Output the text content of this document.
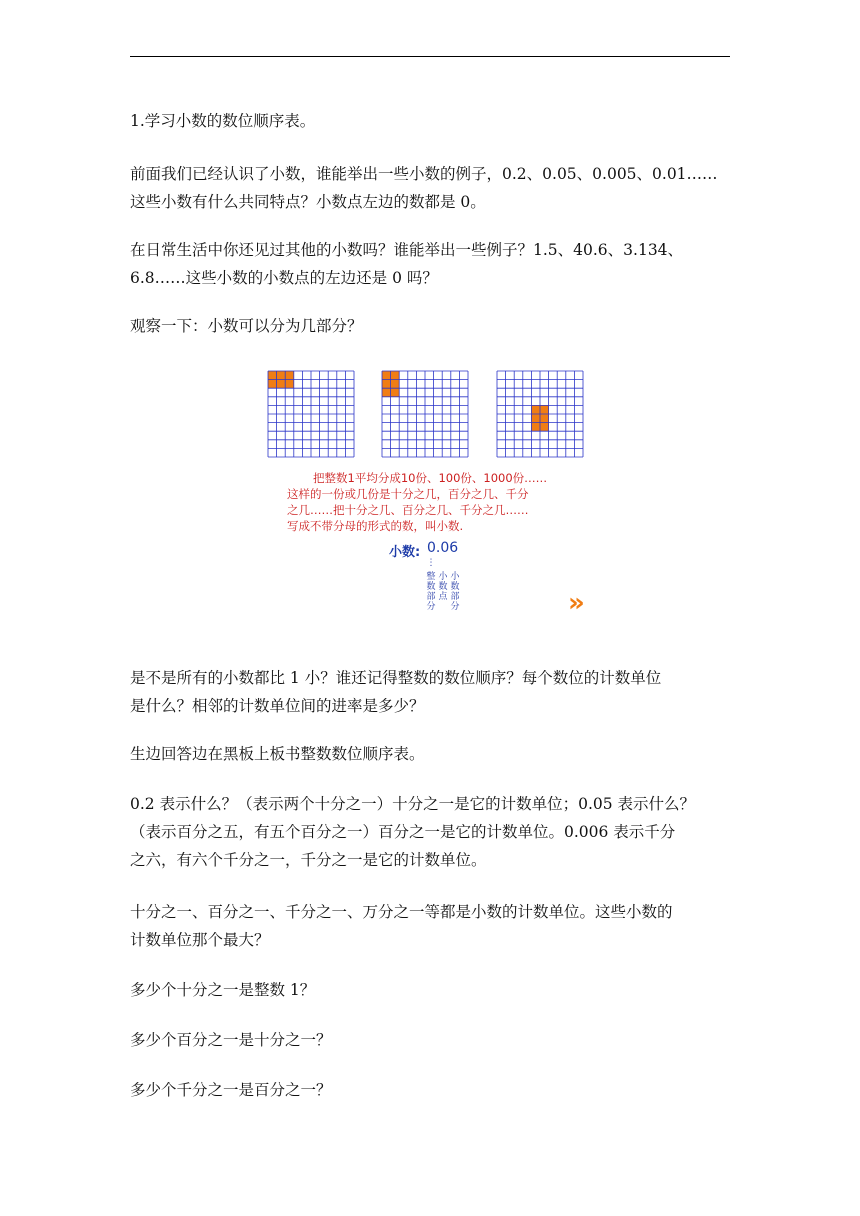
1.学习小数的数位顺序表。
前面我们已经认识了小数，谁能举出一些小数的例子，0.2、0.05、0.005、0.01……
这些小数有什么共同特点？小数点左边的数都是 0。
在日常生活中你还见过其他的小数吗？谁能举出一些例子？1.5、40.6、3.134、
6.8……这些小数的小数点的左边还是 0 吗？
观察一下：小数可以分为几部分？
把整数1平均分成10份、100份、1000份……
这样的一份或几份是十分之几，百分之几、千分
之几……把十分之几、百分之几、千分之几……
写成不带分母的形式的数，叫小数.
小数: 0.06
⋮
整数部分
小数点
小数部分	»
是不是所有的小数都比 1 小？谁还记得整数的数位顺序？每个数位的计数单位
是什么？相邻的计数单位间的进率是多少？
生边回答边在黑板上板书整数数位顺序表。
0.2 表示什么？（表示两个十分之一）十分之一是它的计数单位；0.05 表示什么？
（表示百分之五，有五个百分之一）百分之一是它的计数单位。0.006 表示千分
之六，有六个千分之一，千分之一是它的计数单位。
十分之一、百分之一、千分之一、万分之一等都是小数的计数单位。这些小数的
计数单位那个最大？
多少个十分之一是整数 1？
多少个百分之一是十分之一？
多少个千分之一是百分之一？
